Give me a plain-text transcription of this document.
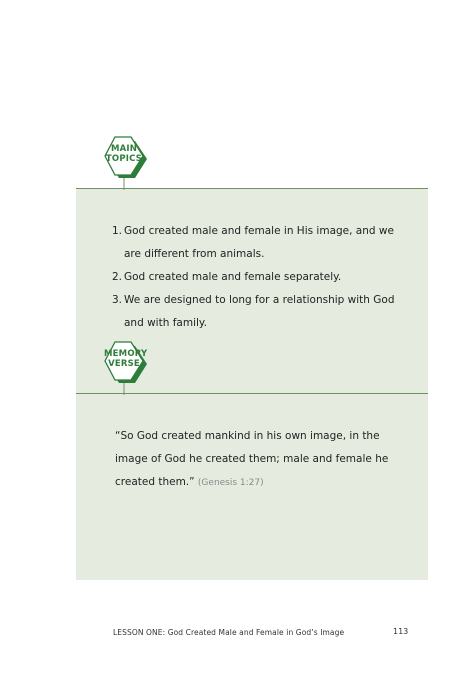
MAIN
TOPICS
1. God created male and female in His image, and we are different from animals.
2. God created male and female separately.
3. We are designed to long for a relationship with God and with family.
MEMORY
VERSE
“So God created mankind in his own image, in the image of God he created them; male and female he created them.” (Genesis 1:27)
LESSON ONE: God Created Male and Female in God’s Image	113
